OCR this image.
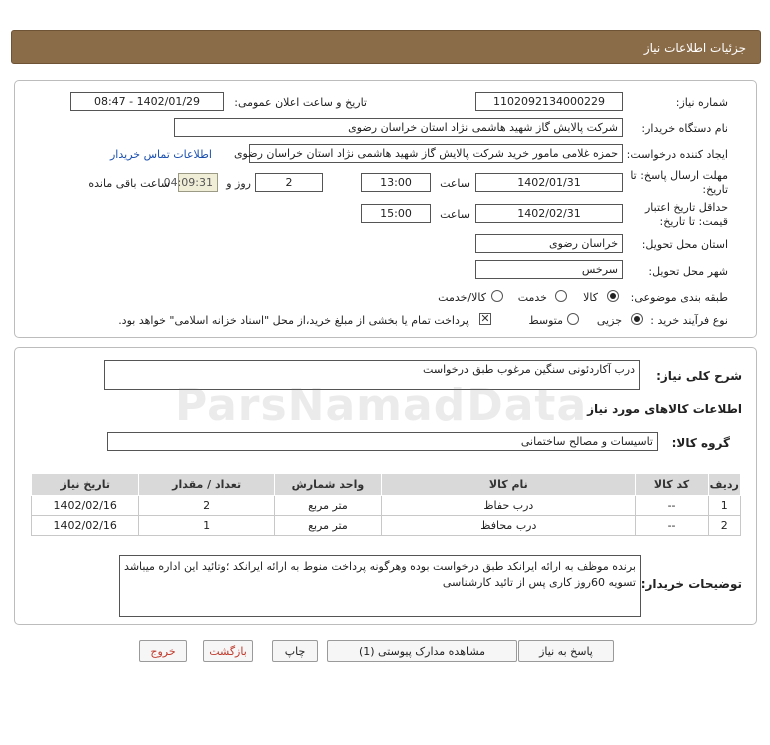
جزئیات اطلاعات نیاز
شماره نیاز:
1102092134000229
تاریخ و ساعت اعلان عمومی:
1402/01/29 - 08:47
نام دستگاه خریدار:
شرکت پالایش گاز شهید هاشمی نژاد استان خراسان رضوی
ایجاد کننده درخواست:
حمزه غلامی مامور خرید شرکت پالایش گاز شهید هاشمی نژاد استان خراسان رضوی
اطلاعات تماس خریدار
مهلت ارسال پاسخ: تا تاریخ:
1402/01/31
ساعت
13:00
2
روز و
04:09:31
ساعت باقی مانده
حداقل تاریخ اعتبار قیمت: تا تاریخ:
1402/02/31
ساعت
15:00
استان محل تحویل:
خراسان رضوی
شهر محل تحویل:
سرخس
طبقه بندی موضوعی:
کالا
خدمت
کالا/خدمت
نوع فرآیند خرید :
جزیی
متوسط
✕
پرداخت تمام یا بخشی از مبلغ خرید،از محل "اسناد خزانه اسلامی" خواهد بود.
شرح کلی نیاز:
درب آکاردئونی سنگین مرغوب طبق درخواست
اطلاعات کالاهای مورد نیاز
گروه کالا:
تاسیسات و مصالح ساختمانی
ردیف	کد کالا	نام کالا	واحد شمارش	تعداد / مقدار	تاریخ نیاز
1	--	درب حفاظ	متر مربع	2	1402/02/16
2	--	درب محافظ	متر مربع	1	1402/02/16
توضیحات خریدار:
برنده موظف به ارائه ایرانکد طبق درخواست بوده وهرگونه پرداخت منوط به ارائه ایرانکد ؛وتائید این اداره میباشد تسویه 60روز کاری پس از تائید کارشناسی
پاسخ به نیاز
مشاهده مدارک پیوستی (1)
چاپ
بازگشت
خروج
